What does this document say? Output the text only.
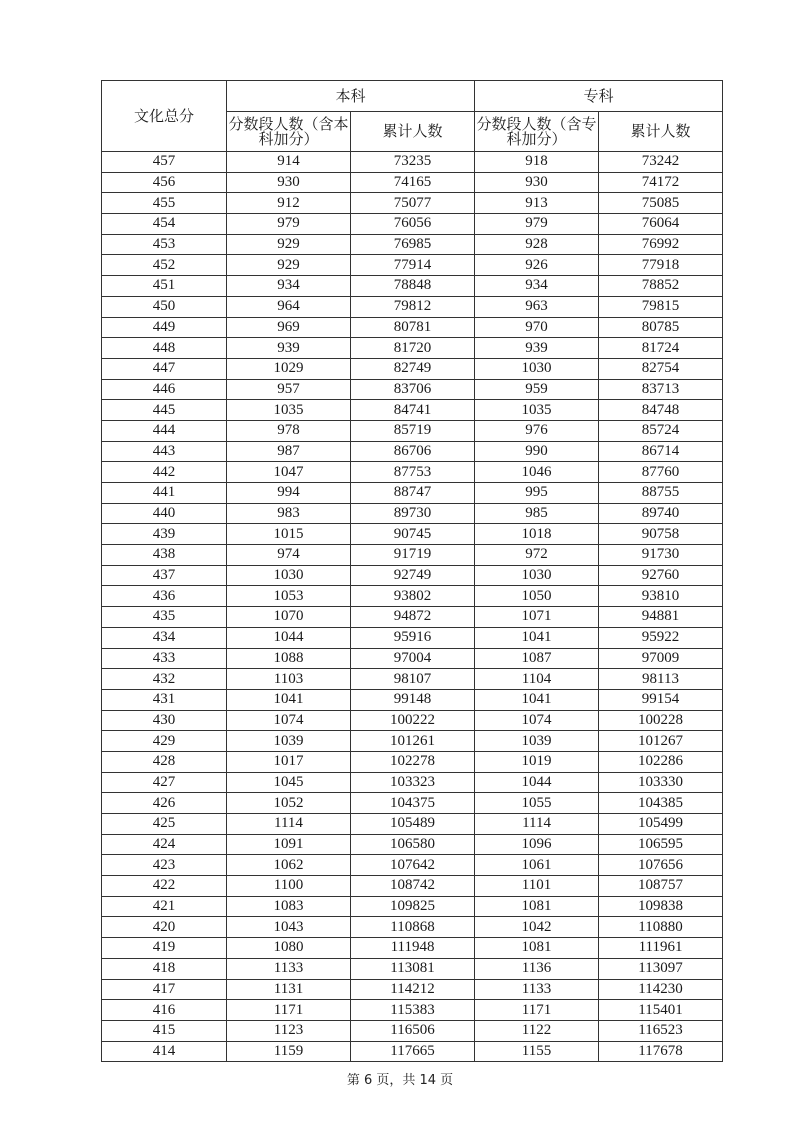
文化总分	本科		专科	
	分数段人数（含本科加分）	累计人数	分数段人数（含专科加分）	累计人数
457	914	73235	918	73242
456	930	74165	930	74172
455	912	75077	913	75085
454	979	76056	979	76064
453	929	76985	928	76992
452	929	77914	926	77918
451	934	78848	934	78852
450	964	79812	963	79815
449	969	80781	970	80785
448	939	81720	939	81724
447	1029	82749	1030	82754
446	957	83706	959	83713
445	1035	84741	1035	84748
444	978	85719	976	85724
443	987	86706	990	86714
442	1047	87753	1046	87760
441	994	88747	995	88755
440	983	89730	985	89740
439	1015	90745	1018	90758
438	974	91719	972	91730
437	1030	92749	1030	92760
436	1053	93802	1050	93810
435	1070	94872	1071	94881
434	1044	95916	1041	95922
433	1088	97004	1087	97009
432	1103	98107	1104	98113
431	1041	99148	1041	99154
430	1074	100222	1074	100228
429	1039	101261	1039	101267
428	1017	102278	1019	102286
427	1045	103323	1044	103330
426	1052	104375	1055	104385
425	1114	105489	1114	105499
424	1091	106580	1096	106595
423	1062	107642	1061	107656
422	1100	108742	1101	108757
421	1083	109825	1081	109838
420	1043	110868	1042	110880
419	1080	111948	1081	111961
418	1133	113081	1136	113097
417	1131	114212	1133	114230
416	1171	115383	1171	115401
415	1123	116506	1122	116523
414	1159	117665	1155	117678
第 6 页，共 14 页
